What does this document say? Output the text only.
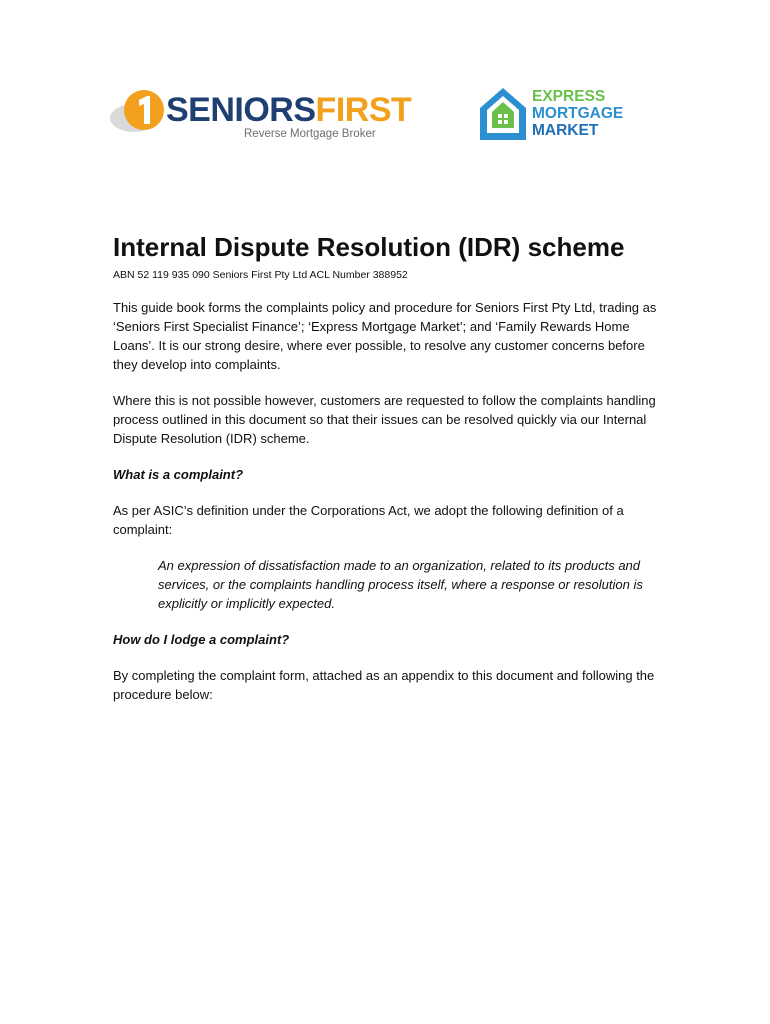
SENIORSFIRST
Reverse Mortgage Broker
EXPRESS
MORTGAGE
MARKET
Internal Dispute Resolution (IDR) scheme

ABN 52 119 935 090 Seniors First Pty Ltd ACL Number 388952

This guide book forms the complaints policy and procedure for Seniors First Pty Ltd, trading as ‘Seniors First Specialist Finance’; ‘Express Mortgage Market’; and ‘Family Rewards Home Loans’. It is our strong desire, where ever possible, to resolve any customer concerns before they develop into complaints.

Where this is not possible however, customers are requested to follow the complaints handling process outlined in this document so that their issues can be resolved quickly via our Internal Dispute Resolution (IDR) scheme.

What is a complaint?

As per ASIC’s definition under the Corporations Act, we adopt the following definition of a complaint:

An expression of dissatisfaction made to an organization, related to its products and services, or the complaints handling process itself, where a response or resolution is explicitly or implicitly expected.

How do I lodge a complaint?

By completing the complaint form, attached as an appendix to this document and following the procedure below:
